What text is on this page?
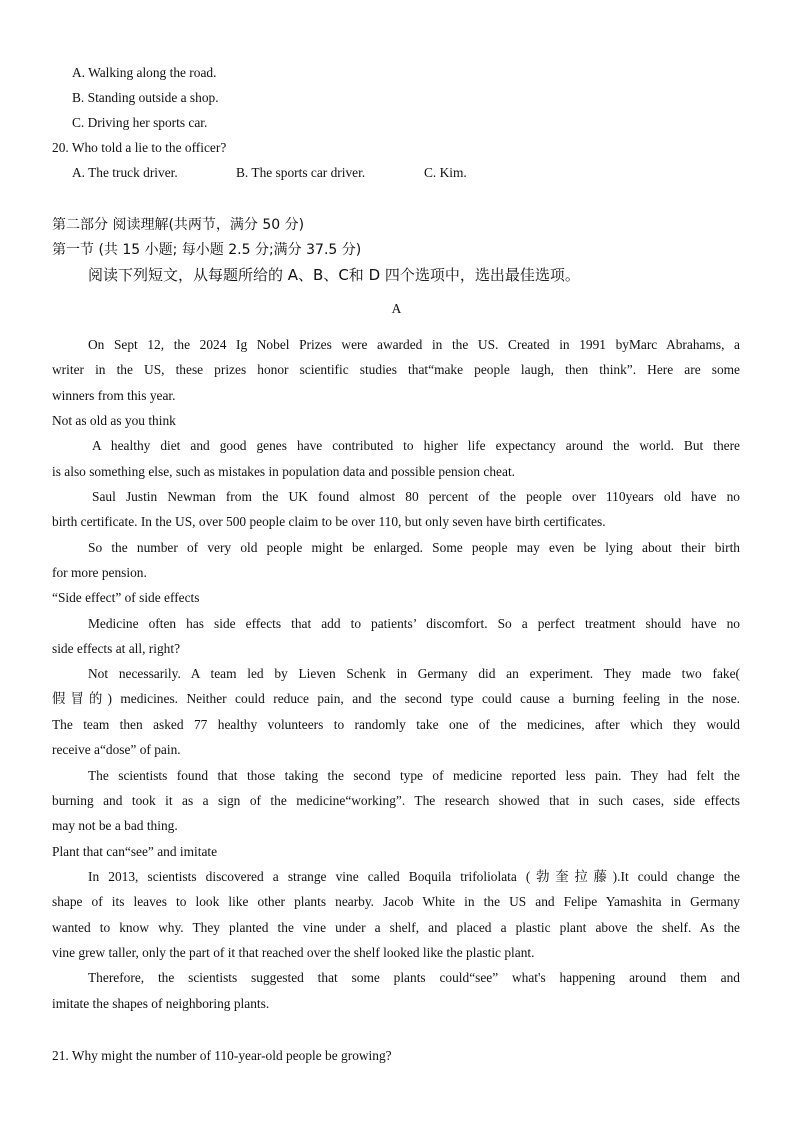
A. Walking along the road.
B. Standing outside a shop.
C. Driving her sports car.
20. Who told a lie to the officer?
A. The truck driver.	B. The sports car driver.	C. Kim.
第二部分 阅读理解(共两节，满分 50 分)
第一节 (共 15 小题; 每小题 2.5 分;满分 37.5 分)
阅读下列短文，从每题所给的 A、B、C和 D 四个选项中，选出最佳选项。
A
On Sept 12, the 2024 Ig Nobel Prizes were awarded in the US. Created in 1991 byMarc Abrahams, a
writer in the US, these prizes honor scientific studies that“make people laugh, then think”. Here are some
winners from this year.
Not as old as you think
A healthy diet and good genes have contributed to higher life expectancy around the world. But there
is also something else, such as mistakes in population data and possible pension cheat.
Saul Justin Newman from the UK found almost 80 percent of the people over 110years old have no
birth certificate. In the US, over 500 people claim to be over 110, but only seven have birth certificates.
So the number of very old people might be enlarged. Some people may even be lying about their birth
for more pension.
“Side effect” of side effects
Medicine often has side effects that add to patients’ discomfort. So a perfect treatment should have no
side effects at all, right?
Not necessarily. A team led by Lieven Schenk in Germany did an experiment. They made two fake(
假冒的) medicines. Neither could reduce pain, and the second type could cause a burning feeling in the nose.
The team then asked 77 healthy volunteers to randomly take one of the medicines, after which they would
receive a“dose” of pain.
The scientists found that those taking the second type of medicine reported less pain. They had felt the
burning and took it as a sign of the medicine“working”. The research showed that in such cases, side effects
may not be a bad thing.
Plant that can“see” and imitate
In 2013, scientists discovered a strange vine called Boquila trifoliolata (勃奎拉藤).It could change the
shape of its leaves to look like other plants nearby. Jacob White in the US and Felipe Yamashita in Germany
wanted to know why. They planted the vine under a shelf, and placed a plastic plant above the shelf. As the
vine grew taller, only the part of it that reached over the shelf looked like the plastic plant.
Therefore, the scientists suggested that some plants could“see” what's happening around them and
imitate the shapes of neighboring plants.
21. Why might the number of 110-year-old people be growing?
